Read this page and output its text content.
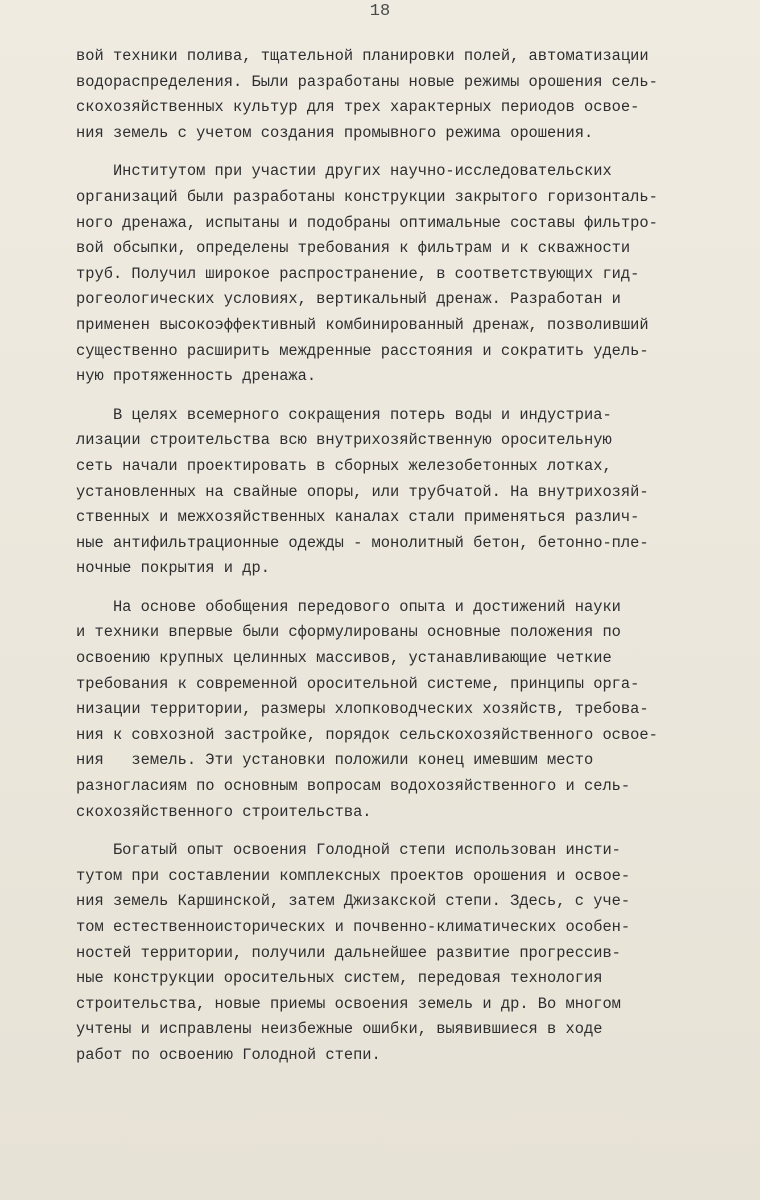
18
вой техники полива, тщательной планировки полей, автоматизации
водораспределения. Были разработаны новые режимы орошения сель-
скохозяйственных культур для трех характерных периодов освое-
ния земель с учетом создания промывного режима орошения.
Институтом при участии других научно-исследовательских
организаций были разработаны конструкции закрытого горизонталь-
ного дренажа, испытаны и подобраны оптимальные составы фильтро-
вой обсыпки, определены требования к фильтрам и к скважности
труб. Получил широкое распространение, в соответствующих гид-
рогеологических условиях, вертикальный дренаж. Разработан и
применен высокоэффективный комбинированный дренаж, позволивший
существенно расширить междренные расстояния и сократить удель-
ную протяженность дренажа.
В целях всемерного сокращения потерь воды и индустриа-
лизации строительства всю внутрихозяйственную оросительную
сеть начали проектировать в сборных железобетонных лотках,
установленных на свайные опоры, или трубчатой. На внутрихозяй-
ственных и межхозяйственных каналах стали применяться различ-
ные антифильтрационные одежды - монолитный бетон, бетонно-пле-
ночные покрытия и др.
На основе обобщения передового опыта и достижений науки
и техники впервые были сформулированы основные положения по
освоению крупных целинных массивов, устанавливающие четкие
требования к современной оросительной системе, принципы орга-
низации территории, размеры хлопководческих хозяйств, требова-
ния к совхозной застройке, порядок сельскохозяйственного освое-
ния   земель. Эти установки положили конец имевшим место
разногласиям по основным вопросам водохозяйственного и сель-
скохозяйственного строительства.
Богатый опыт освоения Голодной степи использован инсти-
тутом при составлении комплексных проектов орошения и освое-
ния земель Каршинской, затем Джизакской степи. Здесь, с уче-
том естественноисторических и почвенно-климатических особен-
ностей территории, получили дальнейшее развитие прогрессив-
ные конструкции оросительных систем, передовая технология
строительства, новые приемы освоения земель и др. Во многом
учтены и исправлены неизбежные ошибки, выявившиеся в ходе
работ по освоению Голодной степи.
